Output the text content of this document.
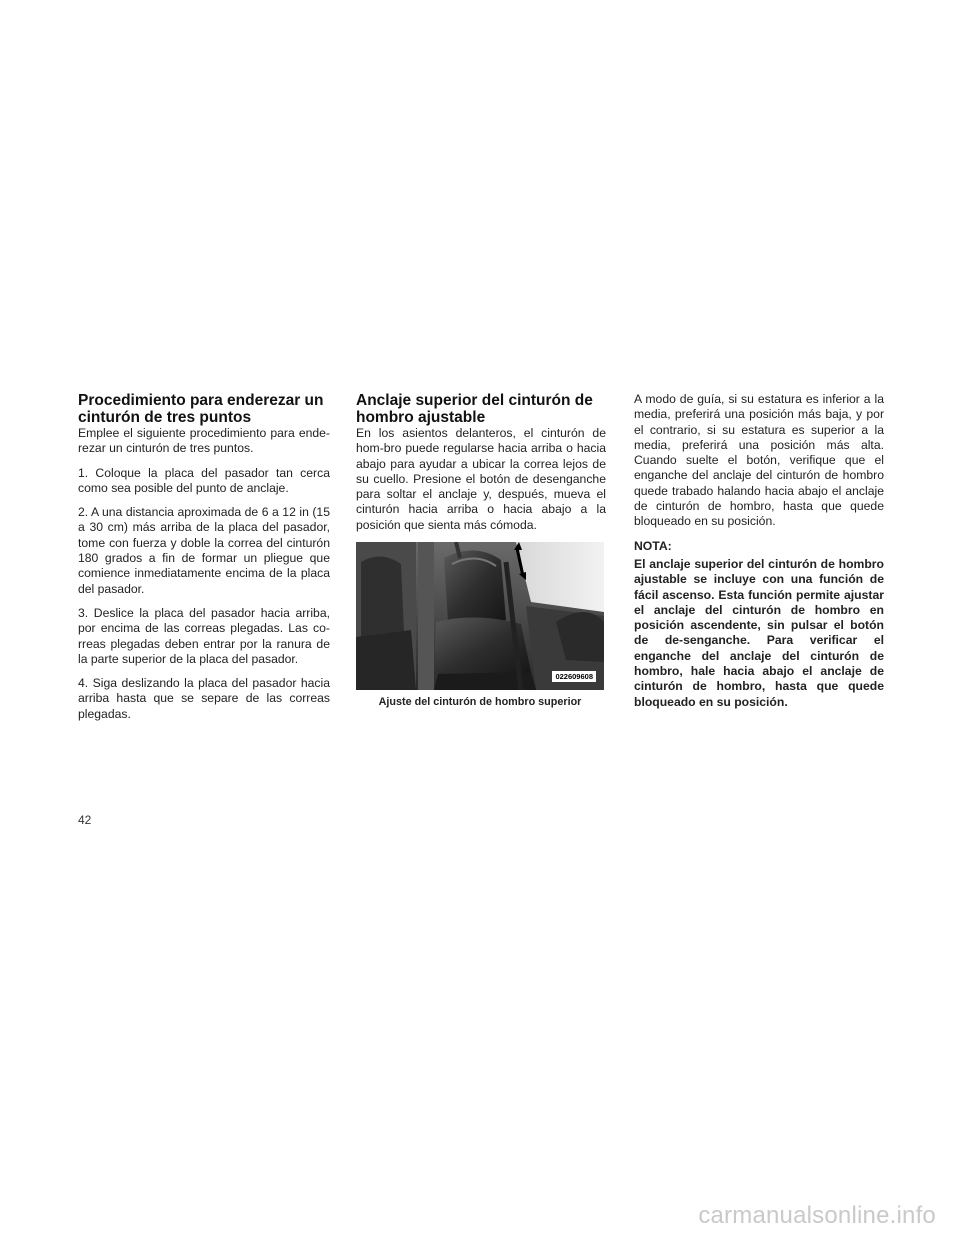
Procedimiento para enderezar un cinturón de tres puntos

Emplee el siguiente procedimiento para ende-rezar un cinturón de tres puntos.

1. Coloque la placa del pasador tan cerca como sea posible del punto de anclaje.

2. A una distancia aproximada de 6 a 12 in (15 a 30 cm) más arriba de la placa del pasador, tome con fuerza y doble la correa del cinturón 180 grados a fin de formar un pliegue que comience inmediatamente encima de la placa del pasador.

3. Deslice la placa del pasador hacia arriba, por encima de las correas plegadas. Las co-rreas plegadas deben entrar por la ranura de la parte superior de la placa del pasador.

4. Siga deslizando la placa del pasador hacia arriba hasta que se separe de las correas plegadas.

Anclaje superior del cinturón de hombro ajustable

En los asientos delanteros, el cinturón de hom-bro puede regularse hacia arriba o hacia abajo para ayudar a ubicar la correa lejos de su cuello. Presione el botón de desenganche para soltar el anclaje y, después, mueva el cinturón hacia arriba o hacia abajo a la posición que sienta más cómoda.

022609608
Ajuste del cinturón de hombro superior

A modo de guía, si su estatura es inferior a la media, preferirá una posición más baja, y por el contrario, si su estatura es superior a la media, preferirá una posición más alta. Cuando suelte el botón, verifique que el enganche del anclaje del cinturón de hombro quede trabado halando hacia abajo el anclaje de cinturón de hombro, hasta que quede bloqueado en su posición.

NOTA:

El anclaje superior del cinturón de hombro ajustable se incluye con una función de fácil ascenso. Esta función permite ajustar el anclaje del cinturón de hombro en posición ascendente, sin pulsar el botón de de-senganche. Para verificar el enganche del anclaje del cinturón de hombro, hale hacia abajo el anclaje de cinturón de hombro, hasta que quede bloqueado en su posición.

42
carmanualsonline.info
